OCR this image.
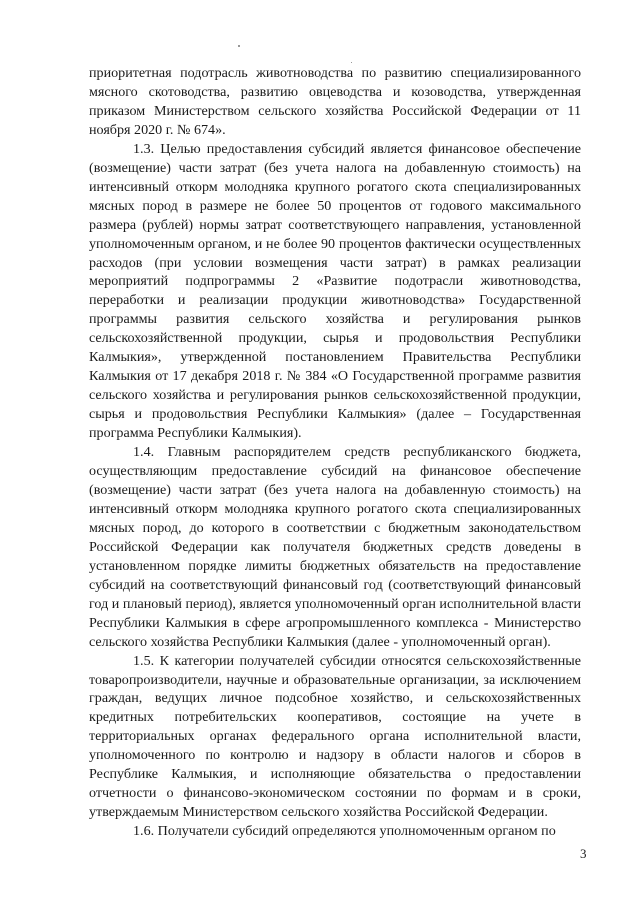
приоритетная подотрасль животноводства по развитию специализированного мясного скотоводства, развитию овцеводства и козоводства, утвержденная приказом Министерством сельского хозяйства Российской Федерации от 11 ноября 2020 г. № 674».

1.3. Целью предоставления субсидий является финансовое обеспечение (возмещение) части затрат (без учета налога на добавленную стоимость) на интенсивный откорм молодняка крупного рогатого скота специализированных мясных пород в размере не более 50 процентов от годового максимального размера (рублей) нормы затрат соответствующего направления, установленной уполномоченным органом, и не более 90 процентов фактически осуществленных расходов (при условии возмещения части затрат) в рамках реализации мероприятий подпрограммы 2 «Развитие подотрасли животноводства, переработки и реализации продукции животноводства» Государственной программы развития сельского хозяйства и регулирования рынков сельскохозяйственной продукции, сырья и продовольствия Республики Калмыкия», утвержденной постановлением Правительства Республики Калмыкия от 17 декабря 2018 г. № 384 «О Государственной программе развития сельского хозяйства и регулирования рынков сельскохозяйственной продукции, сырья и продовольствия Республики Калмыкия» (далее – Государственная программа Республики Калмыкия).

1.4. Главным распорядителем средств республиканского бюджета, осуществляющим предоставление субсидий на финансовое обеспечение (возмещение) части затрат (без учета налога на добавленную стоимость) на интенсивный откорм молодняка крупного рогатого скота специализированных мясных пород, до которого в соответствии с бюджетным законодательством Российской Федерации как получателя бюджетных средств доведены в установленном порядке лимиты бюджетных обязательств на предоставление субсидий на соответствующий финансовый год (соответствующий финансовый год и плановый период), является уполномоченный орган исполнительной власти Республики Калмыкия в сфере агропромышленного комплекса - Министерство сельского хозяйства Республики Калмыкия (далее - уполномоченный орган).

1.5. К категории получателей субсидии относятся сельскохозяйственные товаропроизводители, научные и образовательные организации, за исключением граждан, ведущих личное подсобное хозяйство, и сельскохозяйственных кредитных потребительских кооперативов, состоящие на учете в территориальных органах федерального органа исполнительной власти, уполномоченного по контролю и надзору в области налогов и сборов в Республике Калмыкия, и исполняющие обязательства о предоставлении отчетности о финансово-экономическом состоянии по формам и в сроки, утверждаемым Министерством сельского хозяйства Российской Федерации.

1.6. Получатели субсидий определяются уполномоченным органом по

3
